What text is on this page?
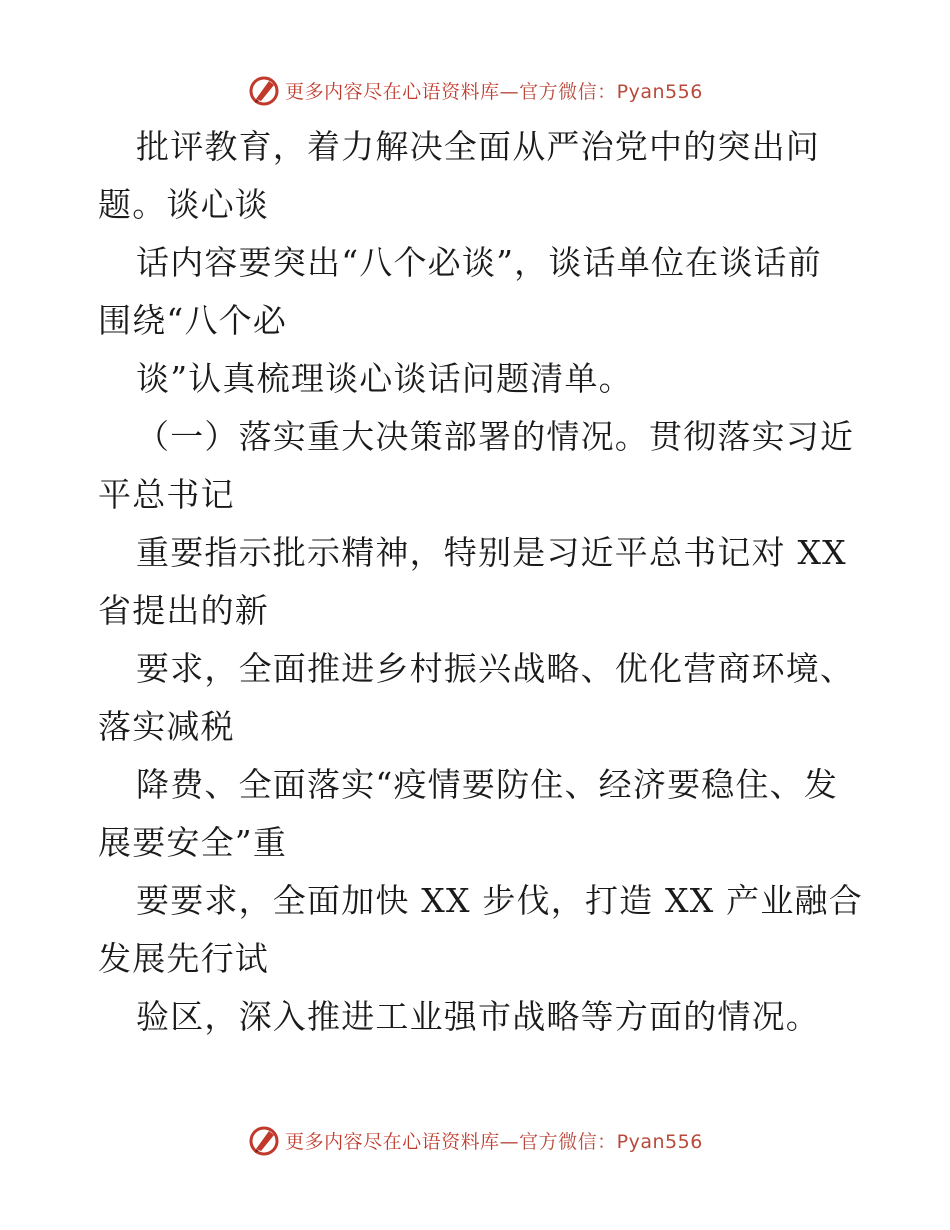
更多内容尽在心语资料库—官方微信：Pyan556
批评教育，着力解决全面从严治党中的突出问
题。谈心谈
话内容要突出“八个必谈”，谈话单位在谈话前
围绕“八个必
谈”认真梳理谈心谈话问题清单。
（一）落实重大决策部署的情况。贯彻落实习近
平总书记
重要指示批示精神，特别是习近平总书记对 XX
省提出的新
要求，全面推进乡村振兴战略、优化营商环境、
落实减税
降费、全面落实“疫情要防住、经济要稳住、发
展要安全”重
要要求，全面加快 XX 步伐，打造 XX 产业融合
发展先行试
验区，深入推进工业强市战略等方面的情况。
更多内容尽在心语资料库—官方微信：Pyan556
